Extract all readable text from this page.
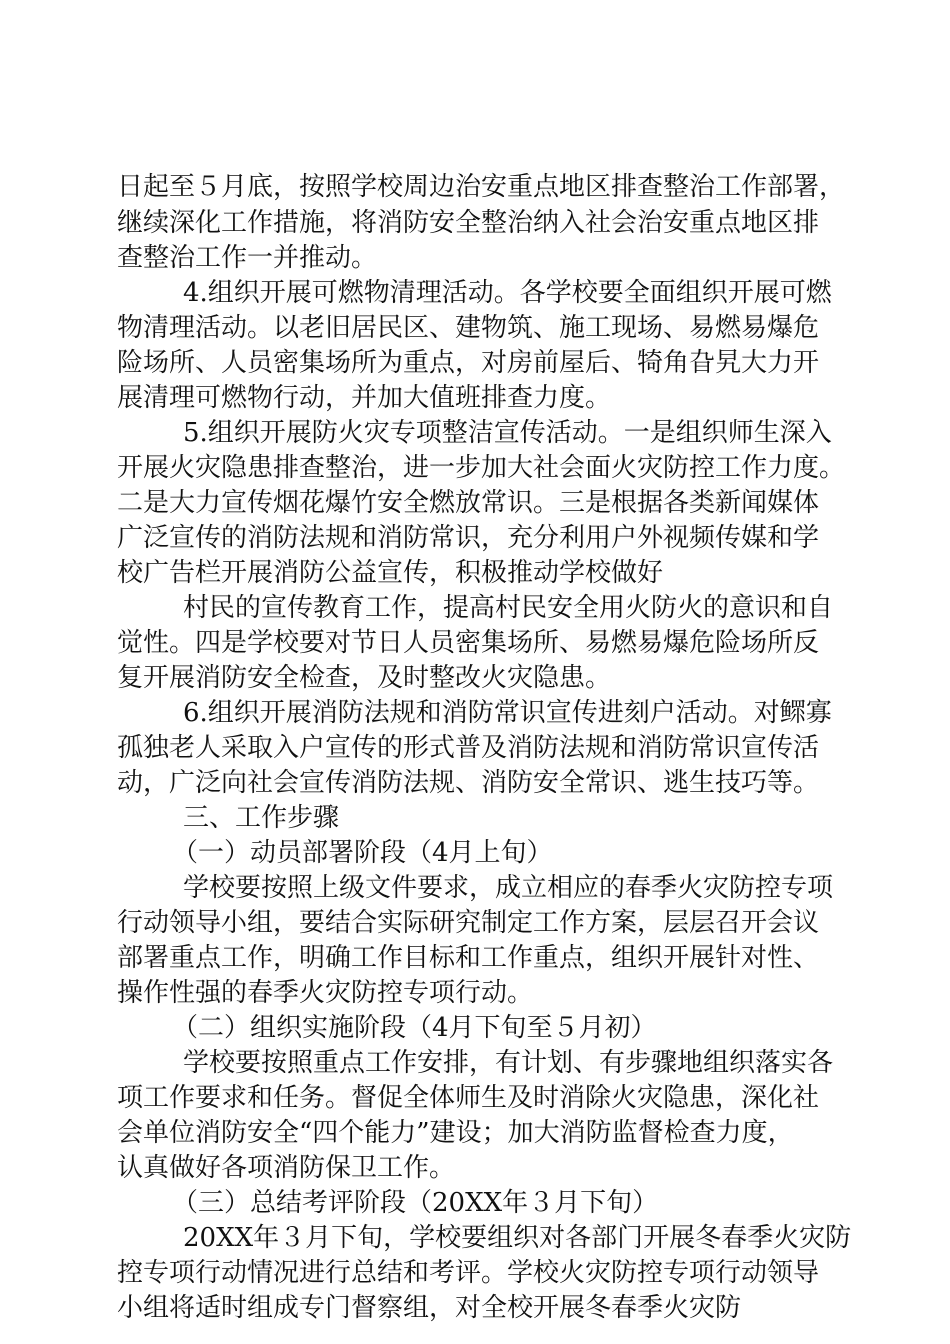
日起至５月底，按照学校周边治安重点地区排查整治工作部署，
继续深化工作措施，将消防安全整治纳入社会治安重点地区排
查整治工作一并推动。
4.组织开展可燃物清理活动。各学校要全面组织开展可燃
物清理活动。以老旧居民区、建物筑、施工现场、易燃易爆危
险场所、人员密集场所为重点，对房前屋后、犄角旮旯大力开
展清理可燃物行动，并加大值班排查力度。
5.组织开展防火灾专项整洁宣传活动。一是组织师生深入
开展火灾隐患排查整治，进一步加大社会面火灾防控工作力度。
二是大力宣传烟花爆竹安全燃放常识。三是根据各类新闻媒体
广泛宣传的消防法规和消防常识，充分利用户外视频传媒和学
校广告栏开展消防公益宣传，积极推动学校做好
村民的宣传教育工作，提高村民安全用火防火的意识和自
觉性。四是学校要对节日人员密集场所、易燃易爆危险场所反
复开展消防安全检查，及时整改火灾隐患。
6.组织开展消防法规和消防常识宣传进刻户活动。对鳏寡
孤独老人采取入户宣传的形式普及消防法规和消防常识宣传活
动，广泛向社会宣传消防法规、消防安全常识、逃生技巧等。
三、工作步骤
（一）动员部署阶段（4月上旬）
学校要按照上级文件要求，成立相应的春季火灾防控专项
行动领导小组，要结合实际研究制定工作方案，层层召开会议
部署重点工作，明确工作目标和工作重点，组织开展针对性、
操作性强的春季火灾防控专项行动。
（二）组织实施阶段（4月下旬至５月初）
学校要按照重点工作安排，有计划、有步骤地组织落实各
项工作要求和任务。督促全体师生及时消除火灾隐患，深化社
会单位消防安全“四个能力”建设；加大消防监督检查力度，
认真做好各项消防保卫工作。
（三）总结考评阶段（20XX年３月下旬）
20XX年３月下旬，学校要组织对各部门开展冬春季火灾防
控专项行动情况进行总结和考评。学校火灾防控专项行动领导
小组将适时组成专门督察组，对全校开展冬春季火灾防
